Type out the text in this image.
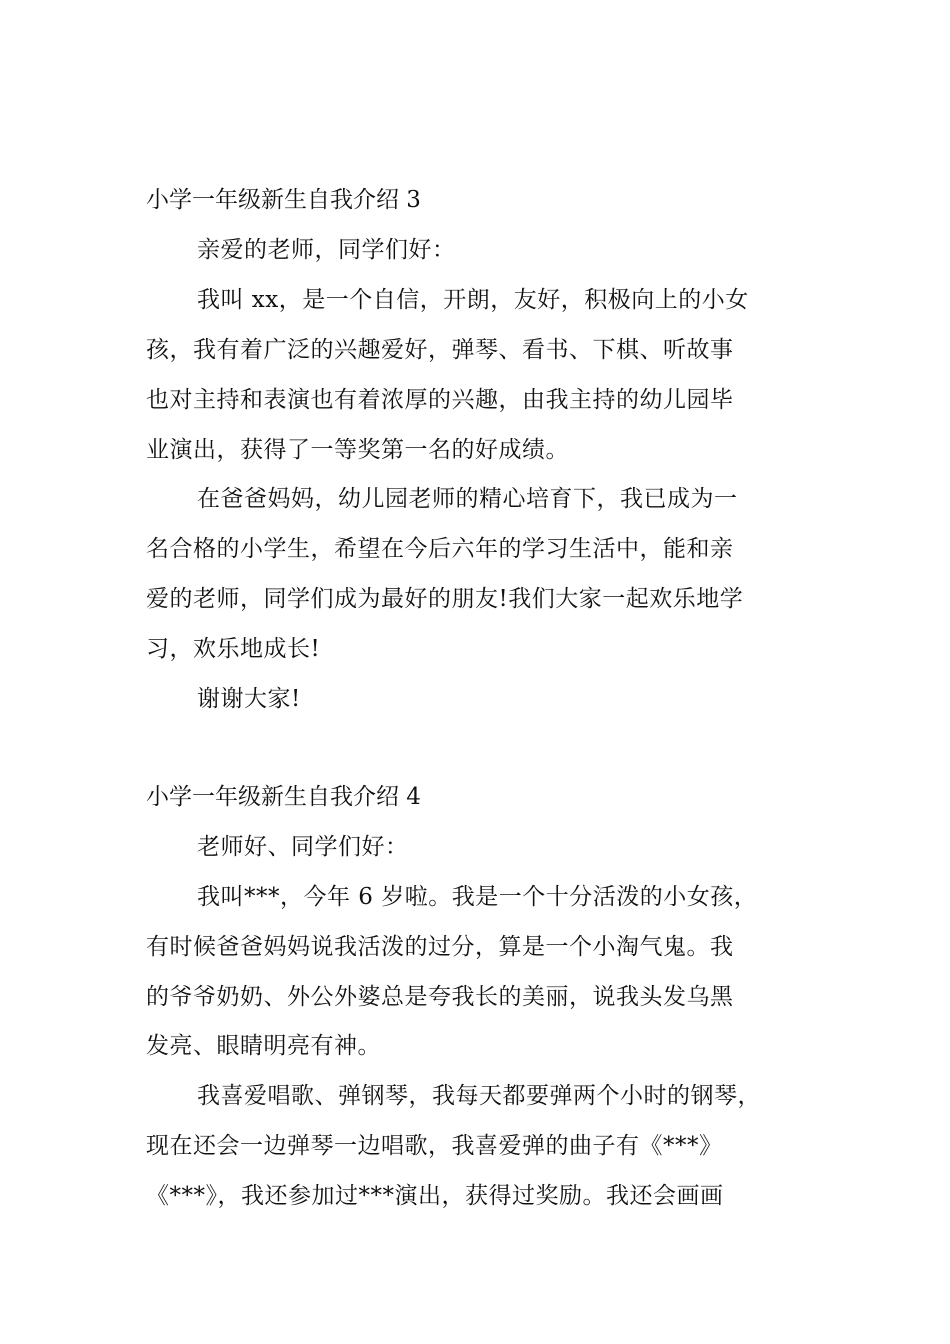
小学一年级新生自我介绍 3
亲爱的老师，同学们好：
我叫 xx，是一个自信，开朗，友好，积极向上的小女
孩，我有着广泛的兴趣爱好，弹琴、看书、下棋、听故事
也对主持和表演也有着浓厚的兴趣，由我主持的幼儿园毕
业演出，获得了一等奖第一名的好成绩。
在爸爸妈妈，幼儿园老师的精心培育下，我已成为一
名合格的小学生，希望在今后六年的学习生活中，能和亲
爱的老师，同学们成为最好的朋友!我们大家一起欢乐地学
习，欢乐地成长!
谢谢大家!
小学一年级新生自我介绍 4
老师好、同学们好：
我叫***，今年 6 岁啦。我是一个十分活泼的小女孩，
有时候爸爸妈妈说我活泼的过分，算是一个小淘气鬼。我
的爷爷奶奶、外公外婆总是夸我长的美丽，说我头发乌黑
发亮、眼睛明亮有神。
我喜爱唱歌、弹钢琴，我每天都要弹两个小时的钢琴，
现在还会一边弹琴一边唱歌，我喜爱弹的曲子有《***》
《***》，我还参加过***演出，获得过奖励。我还会画画
